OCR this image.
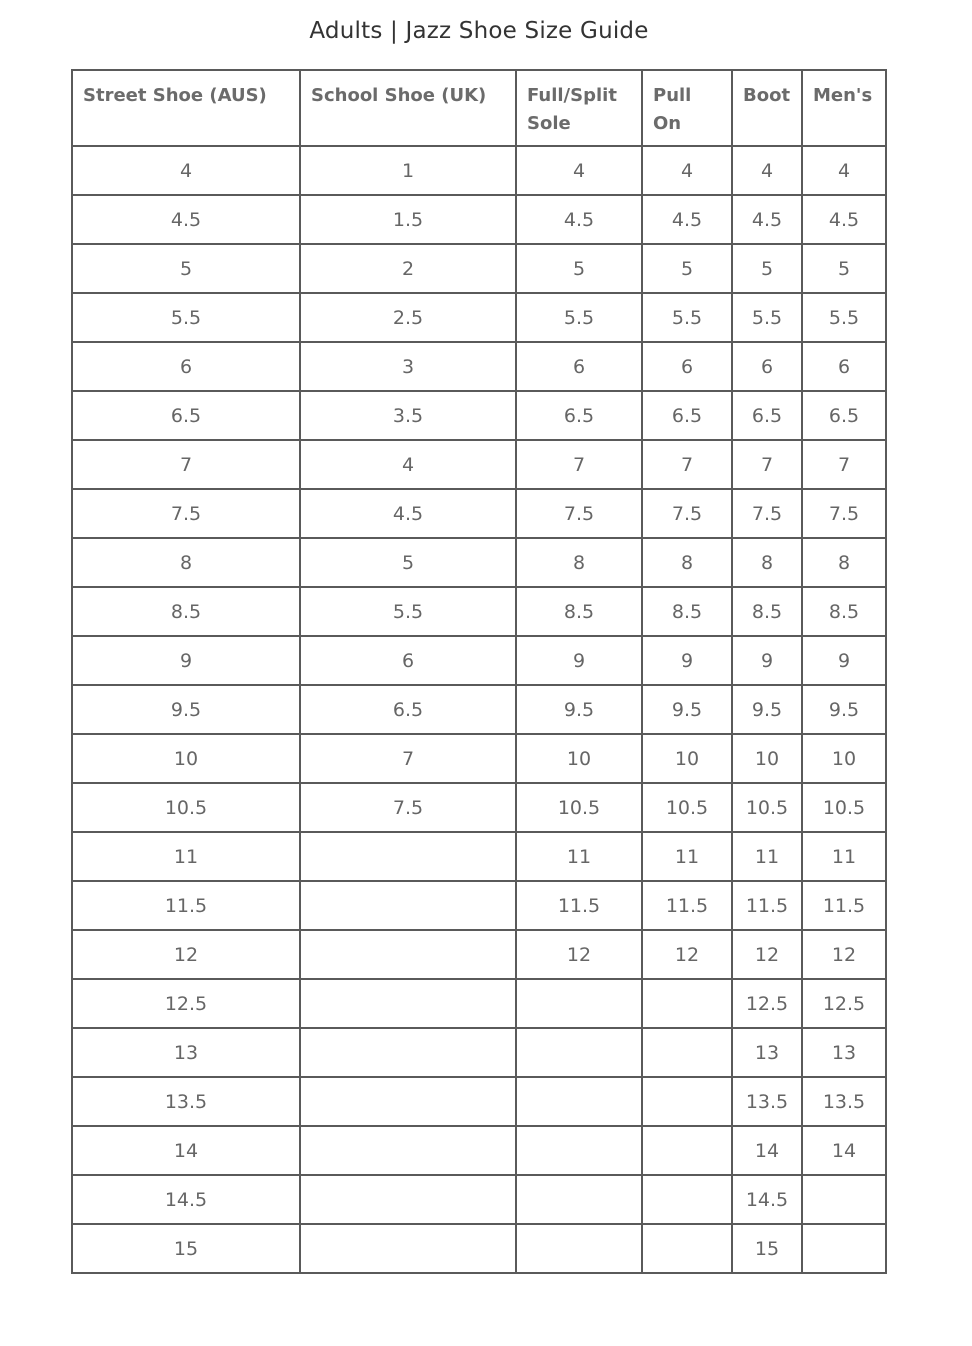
Adults | Jazz Shoe Size Guide
Street Shoe (AUS)	School Shoe (UK)	Full/Split Sole	Pull On	Boot	Men's
4	1	4	4	4	4
4.5	1.5	4.5	4.5	4.5	4.5
5	2	5	5	5	5
5.5	2.5	5.5	5.5	5.5	5.5
6	3	6	6	6	6
6.5	3.5	6.5	6.5	6.5	6.5
7	4	7	7	7	7
7.5	4.5	7.5	7.5	7.5	7.5
8	5	8	8	8	8
8.5	5.5	8.5	8.5	8.5	8.5
9	6	9	9	9	9
9.5	6.5	9.5	9.5	9.5	9.5
10	7	10	10	10	10
10.5	7.5	10.5	10.5	10.5	10.5
11		11	11	11	11
11.5		11.5	11.5	11.5	11.5
12		12	12	12	12
12.5				12.5	12.5
13				13	13
13.5				13.5	13.5
14				14	14
14.5				14.5	
15				15	
